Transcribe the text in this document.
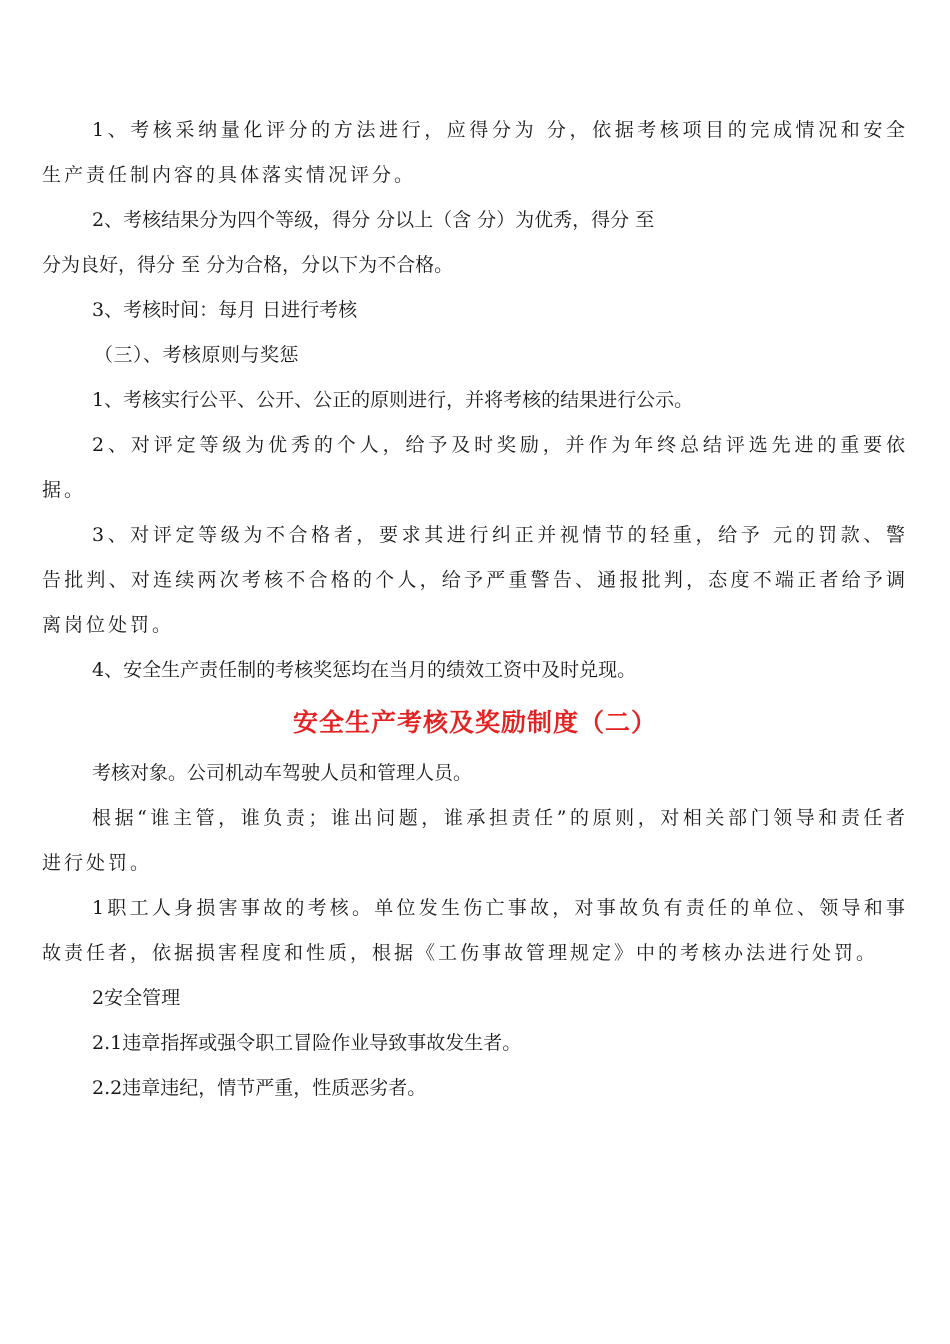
1、考核采纳量化评分的方法进行，应得分为 分，依据考核项目的完成情况和安全生产责任制内容的具体落实情况评分。

2、考核结果分为四个等级，得分 分以上（含 分）为优秀，得分 至

分为良好，得分 至 分为合格，分以下为不合格。

3、考核时间：每月 日进行考核

（三）、考核原则与奖惩

1、考核实行公平、公开、公正的原则进行，并将考核的结果进行公示。

2、对评定等级为优秀的个人，给予及时奖励，并作为年终总结评选先进的重要依据。

3、对评定等级为不合格者，要求其进行纠正并视情节的轻重，给予 元的罚款、警告批判、对连续两次考核不合格的个人，给予严重警告、通报批判，态度不端正者给予调离岗位处罚。

4、安全生产责任制的考核奖惩均在当月的绩效工资中及时兑现。

安全生产考核及奖励制度（二）

考核对象。公司机动车驾驶人员和管理人员。

根据“谁主管，谁负责；谁出问题，谁承担责任”的原则，对相关部门领导和责任者进行处罚。

1职工人身损害事故的考核。单位发生伤亡事故，对事故负有责任的单位、领导和事故责任者，依据损害程度和性质，根据《工伤事故管理规定》中的考核办法进行处罚。

2安全管理

2.1违章指挥或强令职工冒险作业导致事故发生者。

2.2违章违纪，情节严重，性质恶劣者。
